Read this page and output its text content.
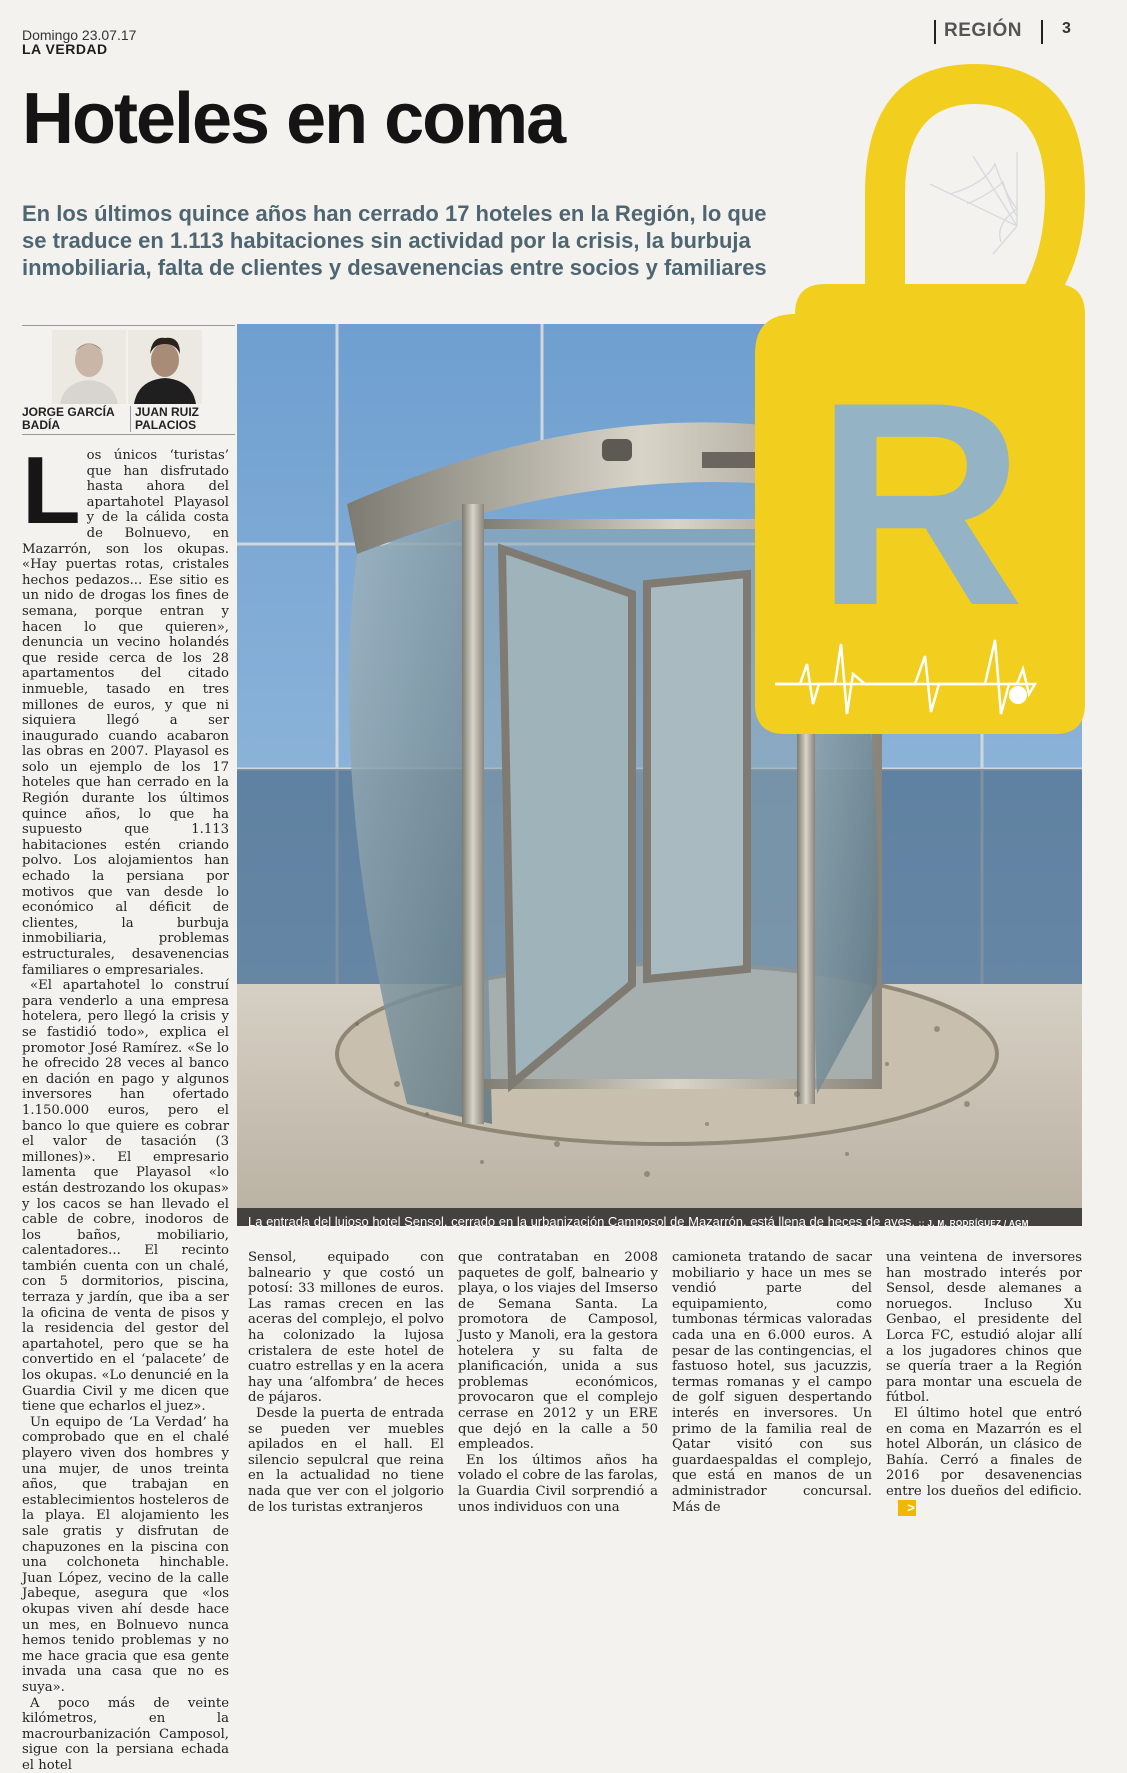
Domingo 23.07.17
LA VERDAD
REGIÓN	3
Hoteles en coma
En los últimos quince años han cerrado 17 hoteles en la Región, lo que se traduce en 1.113 habitaciones sin actividad por la crisis, la burbuja inmobiliaria, falta de clientes y desavenencias entre socios y familiares
JORGE GARCÍA BADÍA
JUAN RUIZ PALACIOS
La entrada del lujoso hotel Sensol, cerrado en la urbanización Camposol de Mazarrón, está llena de heces de aves. :: J. M. RODRÍGUEZ / AGM
R
L os únicos ‘turistas’ que han disfrutado hasta ahora del apartahotel Playasol y de la cálida costa de Bolnuevo, en Mazarrón, son los okupas. «Hay puertas rotas, cristales hechos pedazos... Ese sitio es un nido de drogas los fines de semana, porque entran y hacen lo que quieren», denuncia un vecino holandés que reside cerca de los 28 apartamentos del citado inmueble, tasado en tres millones de euros, y que ni siquiera llegó a ser inaugurado cuando acabaron las obras en 2007. Playasol es solo un ejemplo de los 17 hoteles que han cerrado en la Región durante los últimos quince años, lo que ha supuesto que 1.113 habitaciones estén criando polvo. Los alojamientos han echado la persiana por motivos que van desde lo económico al déficit de clientes, la burbuja inmobiliaria, problemas estructurales, desavenencias familiares o empresariales.

«El apartahotel lo construí para venderlo a una empresa hotelera, pero llegó la crisis y se fastidió todo», explica el promotor José Ramírez. «Se lo he ofrecido 28 veces al banco en dación en pago y algunos inversores han ofertado 1.150.000 euros, pero el banco lo que quiere es cobrar el valor de tasación (3 millones)». El empresario lamenta que Playasol «lo están destrozando los okupas» y los cacos se han llevado el cable de cobre, inodoros de los baños, mobiliario, calentadores... El recinto también cuenta con un chalé, con 5 dormitorios, piscina, terraza y jardín, que iba a ser la oficina de venta de pisos y la residencia del gestor del apartahotel, pero que se ha convertido en el ‘palacete’ de los okupas. «Lo denuncié en la Guardia Civil y me dicen que tiene que echarlos el juez».

Un equipo de ‘La Verdad’ ha comprobado que en el chalé playero viven dos hombres y una mujer, de unos treinta años, que trabajan en establecimientos hosteleros de la playa. El alojamiento les sale gratis y disfrutan de chapuzones en la piscina con una colchoneta hinchable. Juan López, vecino de la calle Jabeque, asegura que «los okupas viven ahí desde hace un mes, en Bolnuevo nunca hemos tenido problemas y no me hace gracia que esa gente invada una casa que no es suya».

A poco más de veinte kilómetros, en la macrourbanización Camposol, sigue con la persiana echada el hotel

Sensol, equipado con balneario y que costó un potosí: 33 millones de euros. Las ramas crecen en las aceras del complejo, el polvo ha colonizado la lujosa cristalera de este hotel de cuatro estrellas y en la acera hay una ‘alfombra’ de heces de pájaros.

Desde la puerta de entrada se pueden ver muebles apilados en el hall. El silencio sepulcral que reina en la actualidad no tiene nada que ver con el jolgorio de los turistas extranjeros

que contrataban en 2008 paquetes de golf, balneario y playa, o los viajes del Imserso de Semana Santa. La promotora de Camposol, Justo y Manoli, era la gestora hotelera y su falta de planificación, unida a sus problemas económicos, provocaron que el complejo cerrase en 2012 y un ERE que dejó en la calle a 50 empleados.

En los últimos años ha volado el cobre de las farolas, la Guardia Civil sorprendió a unos individuos con una

camioneta tratando de sacar mobiliario y hace un mes se vendió parte del equipamiento, como tumbonas térmicas valoradas cada una en 6.000 euros. A pesar de las contingencias, el fastuoso hotel, sus jacuzzis, termas romanas y el campo de golf siguen despertando interés en inversores. Un primo de la familia real de Qatar visitó con sus guardaespaldas el complejo, que está en manos de un administrador concursal. Más de

una veintena de inversores han mostrado interés por Sensol, desde alemanes a noruegos. Incluso Xu Genbao, el presidente del Lorca FC, estudió alojar allí a los jugadores chinos que se quería traer a la Región para montar una escuela de fútbol.

El último hotel que entró en coma en Mazarrón es el hotel Alborán, un clásico de Bahía. Cerró a finales de 2016 por desavenencias entre los dueños del edificio.>
